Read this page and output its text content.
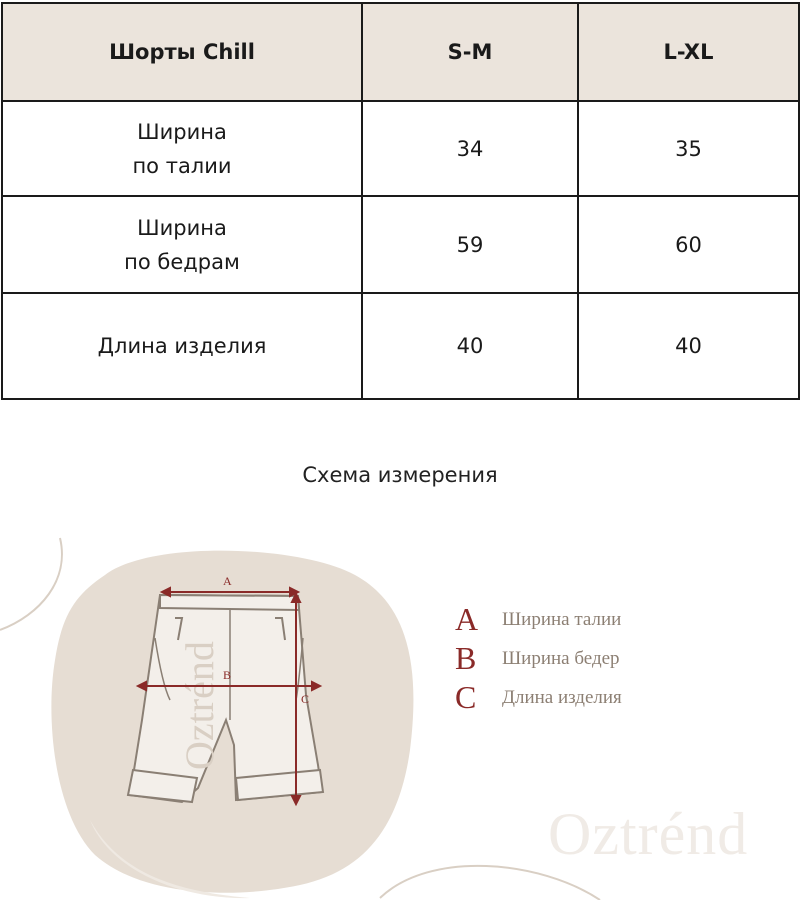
Шорты Chill	S-M	L-XL

Ширина
по талии	34	35

Ширина
по бедрам	59	60

Длина изделия	40	40
Схема измерения
Oztrénd
A
B
C
A	Ширина талии
B	Ширина бедер
C	Длина изделия
Oztrénd
